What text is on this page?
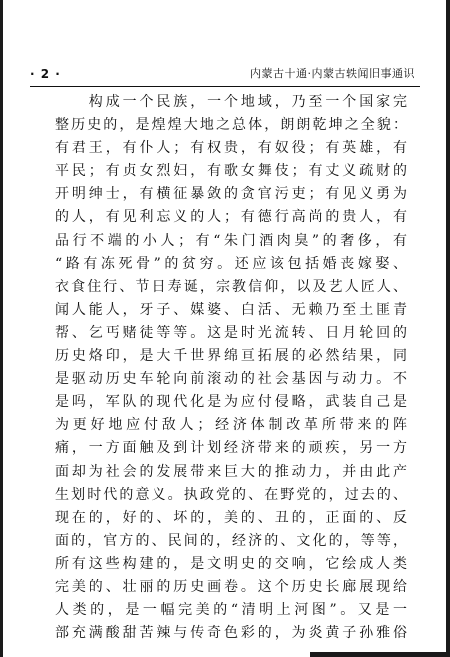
· 2 ·	内蒙古十通·内蒙古轶闻旧事通识
　　构成一个民族，一个地域，乃至一个国家完
整历史的，是煌煌大地之总体，朗朗乾坤之全貌：
有君王，有仆人；有权贵，有奴役；有英雄，有
平民；有贞女烈妇，有歌女舞伎；有丈义疏财的
开明绅士，有横征暴敛的贪官污吏；有见义勇为
的人，有见利忘义的人；有德行高尚的贵人，有
品行不端的小人；有“朱门酒肉臭”的奢侈，有
“路有冻死骨”的贫穷。还应该包括婚丧嫁娶、
衣食住行、节日寿诞，宗教信仰，以及艺人匠人、
闻人能人，牙子、媒婆、白活、无赖乃至土匪青
帮、乞丐赌徒等等。这是时光流转、日月轮回的
历史烙印，是大千世界绵亘拓展的必然结果，同
是驱动历史车轮向前滚动的社会基因与动力。不
是吗，军队的现代化是为应付侵略，武装自己是
为更好地应付敌人；经济体制改革所带来的阵
痛，一方面触及到计划经济带来的顽疾，另一方
面却为社会的发展带来巨大的推动力，并由此产
生划时代的意义。执政党的、在野党的，过去的、
现在的，好的、坏的，美的、丑的，正面的、反
面的，官方的、民间的，经济的、文化的，等等，
所有这些构建的，是文明史的交响，它绘成人类
完美的、壮丽的历史画卷。这个历史长廊展现给
人类的，是一幅完美的“清明上河图”。又是一
部充满酸甜苦辣与传奇色彩的，为炎黄子孙雅俗
